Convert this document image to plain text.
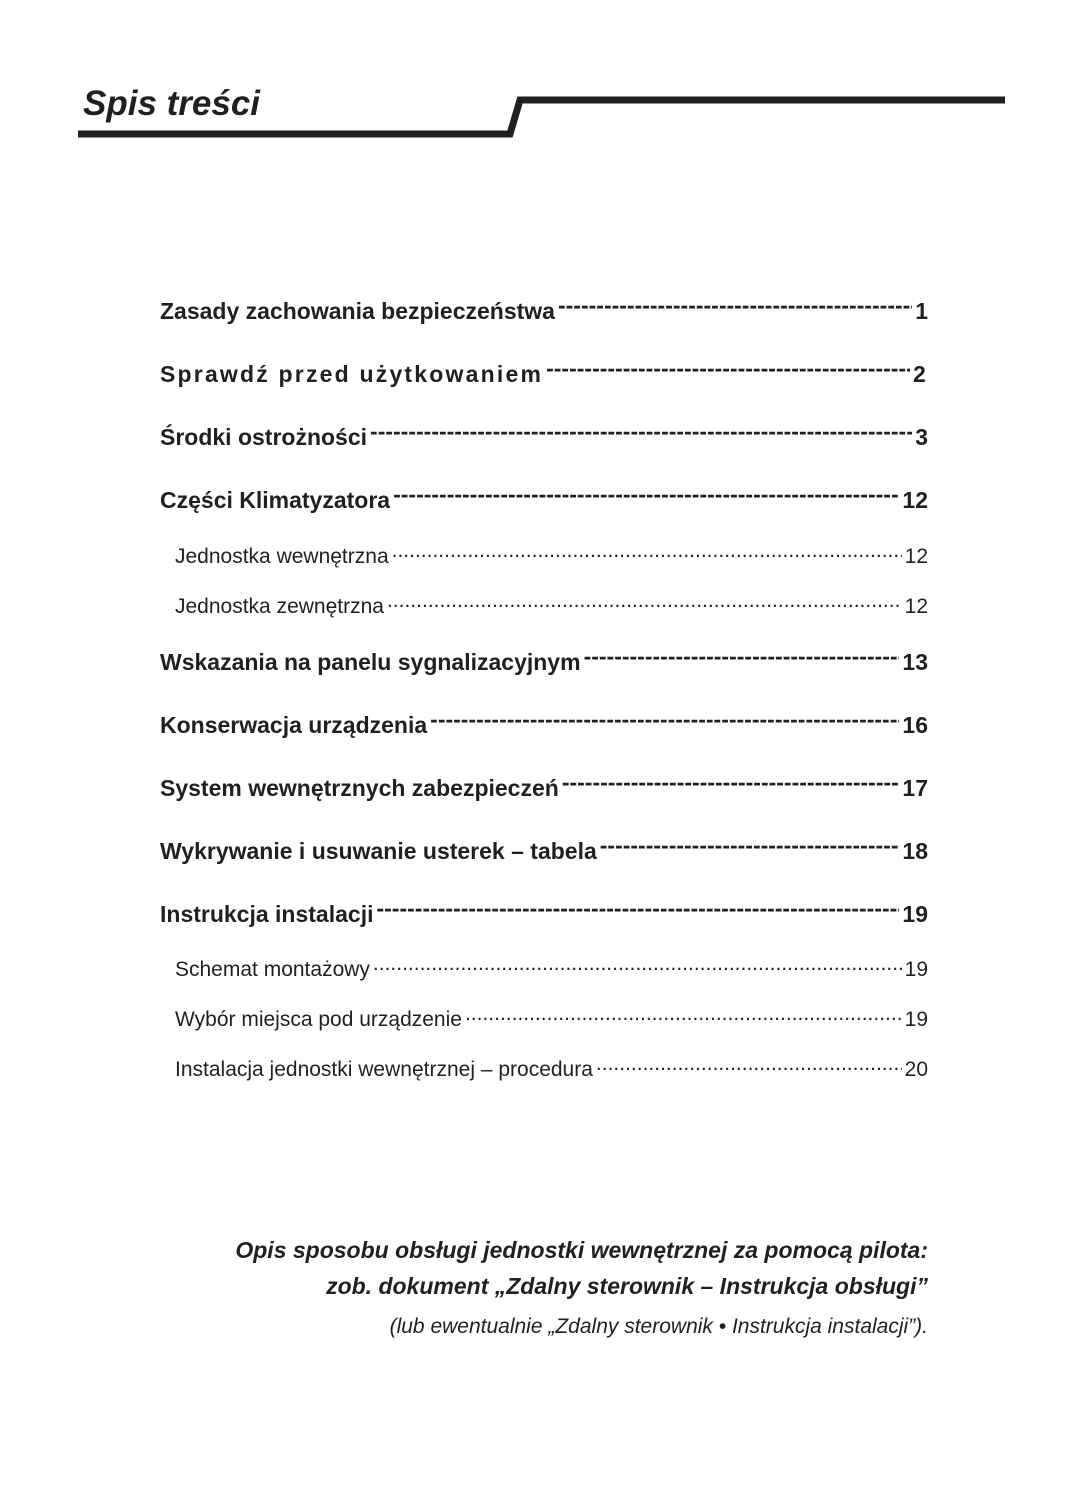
Spis treści
Zasady zachowania bezpieczeństwa -----	1
Sprawdź przed użytkowaniem -----	2
Środki ostrożności -----	3
Części Klimatyzatora -----	12
Jednostka wewnętrzna .....	12
Jednostka zewnętrzna .....	12
Wskazania na panelu sygnalizacyjnym -----	13
Konserwacja urządzenia -----	16
System wewnętrznych zabezpieczeń -----	17
Wykrywanie i usuwanie usterek – tabela -----	18
Instrukcja instalacji -----	19
Schemat montażowy .....	19
Wybór miejsca pod urządzenie .....	19
Instalacja jednostki wewnętrznej – procedura .....	20
Opis sposobu obsługi jednostki wewnętrznej za pomocą pilota:
zob. dokument „Zdalny sterownik – Instrukcja obsługi”
(lub ewentualnie „Zdalny sterownik • Instrukcja instalacji”).
